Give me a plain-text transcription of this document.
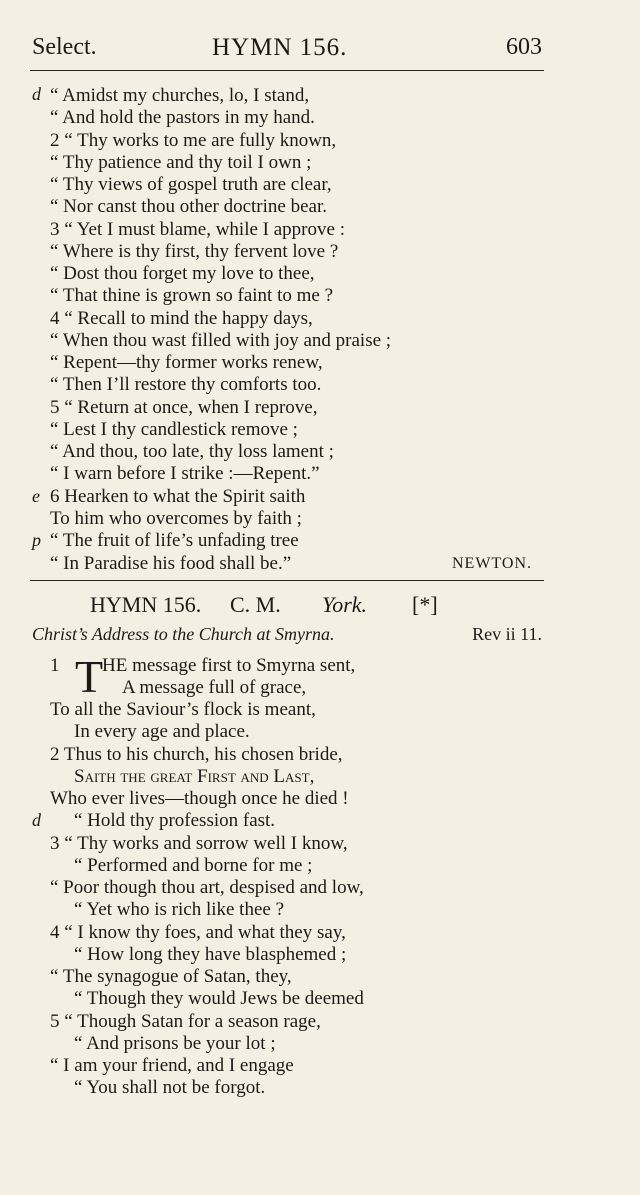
Select.	HYMN 156.	603
d “ Amidst my churches, lo, I stand,
“ And hold the pastors in my hand.
2 “ Thy works to me are fully known,
“ Thy patience and thy toil I own ;
“ Thy views of gospel truth are clear,
“ Nor canst thou other doctrine bear.
3 “ Yet I must blame, while I approve :
“ Where is thy first, thy fervent love ?
“ Dost thou forget my love to thee,
“ That thine is grown so faint to me ?
4 “ Recall to mind the happy days,
“ When thou wast filled with joy and praise ;
“ Repent—thy former works renew,
“ Then I’ll restore thy comforts too.
5 “ Return at once, when I reprove,
“ Lest I thy candlestick remove ;
“ And thou, too late, thy loss lament ;
“ I warn before I strike :—Repent.”
e 6 Hearken to what the Spirit saith
To him who overcomes by faith ;
p “ The fruit of life’s unfading tree
“ In Paradise his food shall be.”	NEWTON.
HYMN 156. C. M. York. [*]
Christ’s Address to the Church at Smyrna.	Rev ii 11.
1 T
HE message first to Smyrna sent,
A message full of grace,
To all the Saviour’s flock is meant,
In every age and place.
2 Thus to his church, his chosen bride,
Saith the great First and Last,
Who ever lives—though once he died !
d “ Hold thy profession fast.
3 “ Thy works and sorrow well I know,
“ Performed and borne for me ;
“ Poor though thou art, despised and low,
“ Yet who is rich like thee ?
4 “ I know thy foes, and what they say,
“ How long they have blasphemed ;
“ The synagogue of Satan, they,
“ Though they would Jews be deemed
5 “ Though Satan for a season rage,
“ And prisons be your lot ;
“ I am your friend, and I engage
“ You shall not be forgot.
